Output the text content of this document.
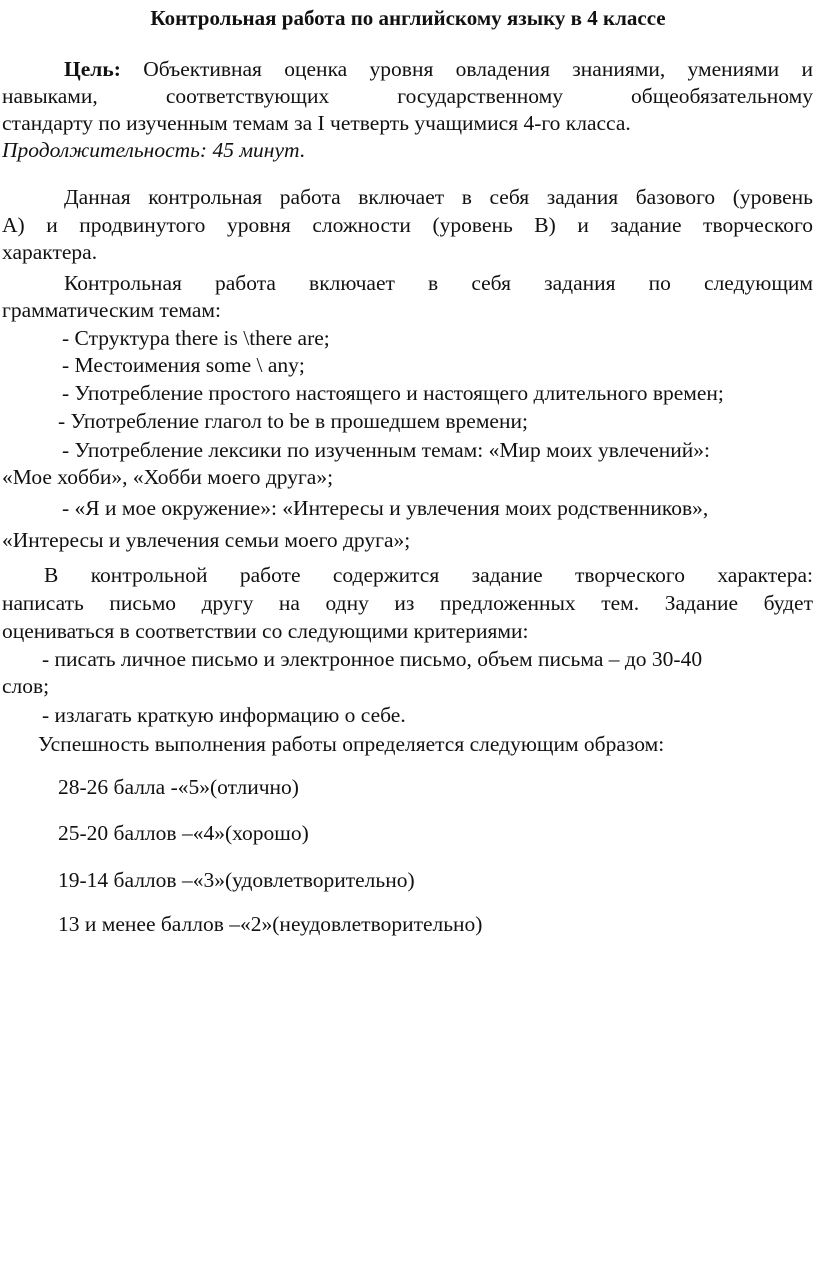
Контрольная работа по английскому языку в 4 классе
Цель: Объективная оценка уровня овладения знаниями, умениями и
навыками, соответствующих государственному общеобязательному
стандарту по изученным темам за I четверть учащимися 4-го класса.
Продолжительность: 45 минут.
Данная контрольная работа включает в себя задания базового (уровень
А) и продвинутого уровня сложности (уровень В) и задание творческого
характера.
Контрольная работа включает в себя задания по следующим
грамматическим темам:
- Структура there is \there are;
- Местоимения some \ any;
- Употребление простого настоящего и настоящего длительного времен;
- Употребление глагол to be в прошедшем времени;
- Употребление лексики по изученным темам: «Мир моих увлечений»:
«Мое хобби», «Хобби моего друга»;
- «Я и мое окружение»: «Интересы и увлечения моих родственников»,
«Интересы и увлечения семьи моего друга»;
В контрольной работе содержится задание творческого характера:
написать письмо другу на одну из предложенных тем. Задание будет
оцениваться в соответствии со следующими критериями:
- писать личное письмо и электронное письмо, объем письма – до 30-40
слов;
- излагать краткую информацию о себе.
Успешность выполнения работы определяется следующим образом:
28-26 балла -«5»(отлично)
25-20 баллов –«4»(хорошо)
19-14 баллов –«3»(удовлетворительно)
13 и менее баллов –«2»(неудовлетворительно)
